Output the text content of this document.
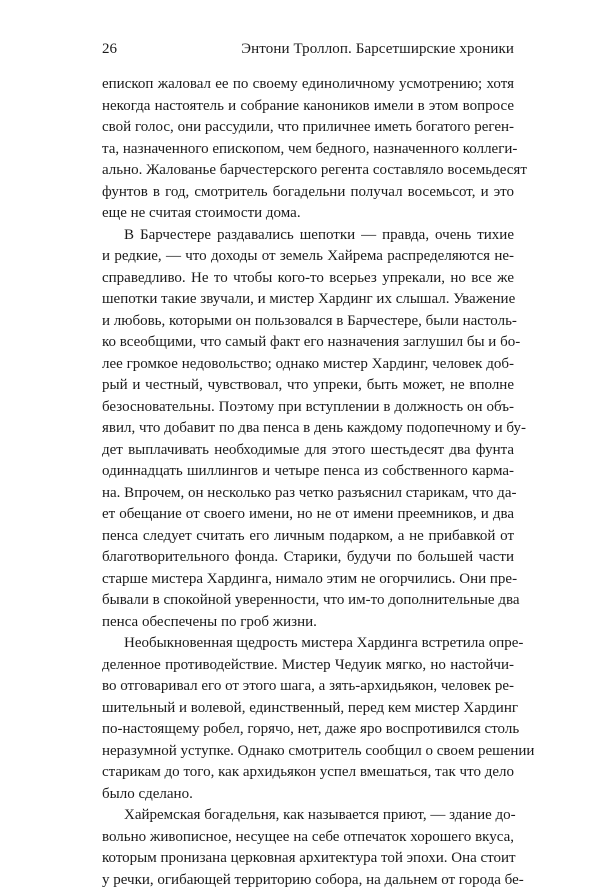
26	Энтони Троллоп. Барсетширские хроники
епископ жаловал ее по своему единоличному усмотрению; хотя
некогда настоятель и собрание каноников имели в этом вопросе
свой голос, они рассудили, что приличнее иметь богатого реген-
та, назначенного епископом, чем бедного, назначенного коллеги-
ально. Жалованье барчестерского регента составляло восемьдесят
фунтов в год, смотритель богадельни получал восемьсот, и это
еще не считая стоимости дома.
В Барчестере раздавались шепотки — правда, очень тихие
и редкие, — что доходы от земель Хайрема распределяются не-
справедливо. Не то чтобы кого-то всерьез упрекали, но все же
шепотки такие звучали, и мистер Хардинг их слышал. Уважение
и любовь, которыми он пользовался в Барчестере, были настоль-
ко всеобщими, что самый факт его назначения заглушил бы и бо-
лее громкое недовольство; однако мистер Хардинг, человек доб-
рый и честный, чувствовал, что упреки, быть может, не вполне
безосновательны. Поэтому при вступлении в должность он объ-
явил, что добавит по два пенса в день каждому подопечному и бу-
дет выплачивать необходимые для этого шестьдесят два фунта
одиннадцать шиллингов и четыре пенса из собственного карма-
на. Впрочем, он несколько раз четко разъяснил старикам, что да-
ет обещание от своего имени, но не от имени преемников, и два
пенса следует считать его личным подарком, а не прибавкой от
благотворительного фонда. Старики, будучи по большей части
старше мистера Хардинга, нимало этим не огорчились. Они пре-
бывали в спокойной уверенности, что им-то дополнительные два
пенса обеспечены по гроб жизни.
Необыкновенная щедрость мистера Хардинга встретила опре-
деленное противодействие. Мистер Чедуик мягко, но настойчи-
во отговаривал его от этого шага, а зять-архидьякон, человек ре-
шительный и волевой, единственный, перед кем мистер Хардинг
по-настоящему робел, горячо, нет, даже яро воспротивился столь
неразумной уступке. Однако смотритель сообщил о своем решении
старикам до того, как архидьякон успел вмешаться, так что дело
было сделано.
Хайремская богадельня, как называется приют, — здание до-
вольно живописное, несущее на себе отпечаток хорошего вкуса,
которым пронизана церковная архитектура той эпохи. Она стоит
у речки, огибающей территорию собора, на дальнем от города бе-
